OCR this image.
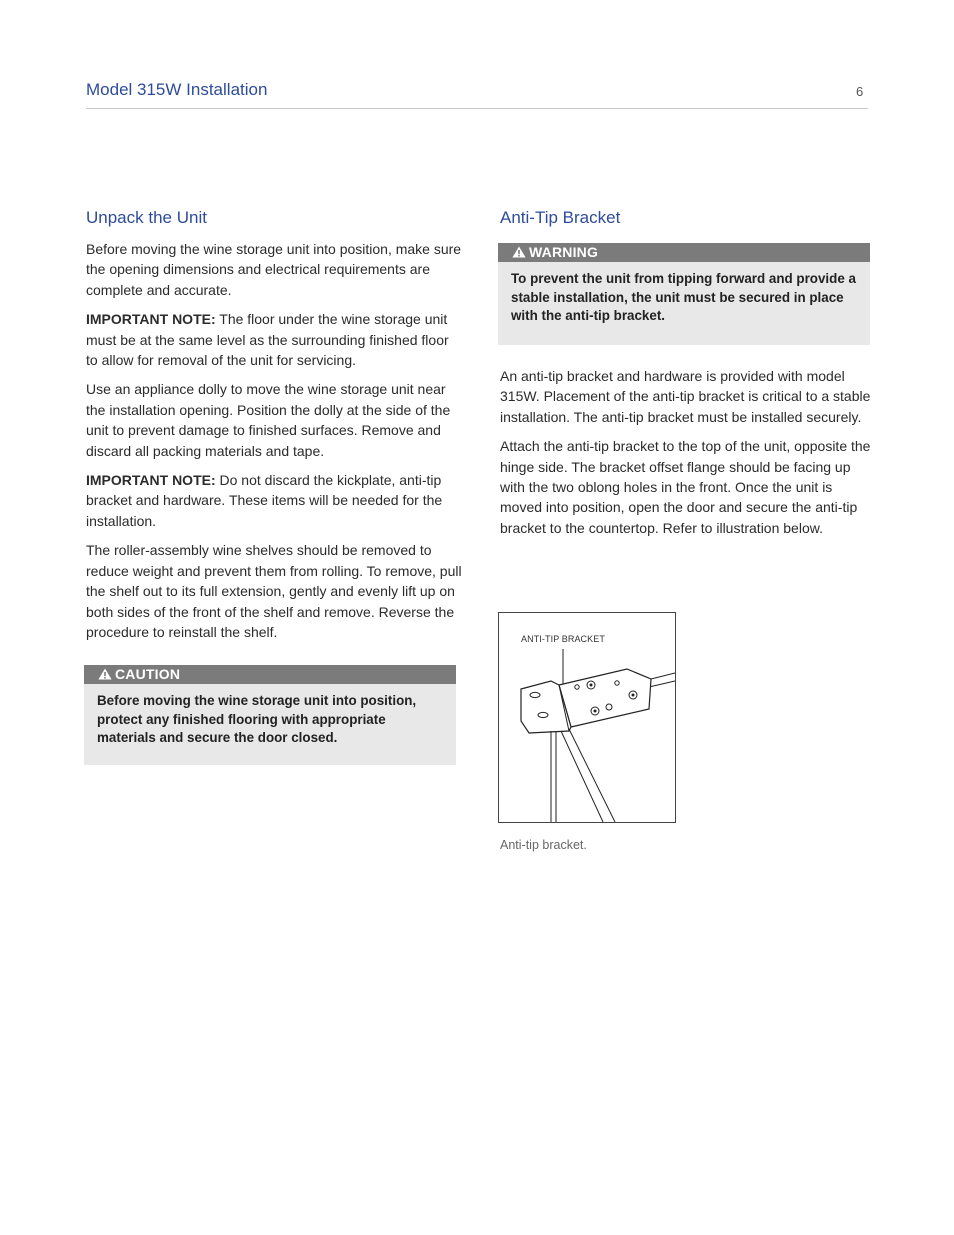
Model 315W Installation	6
Unpack the Unit

Before moving the wine storage unit into position, make sure the opening dimensions and electrical requirements are complete and accurate.

IMPORTANT NOTE: The floor under the wine storage unit must be at the same level as the surrounding finished floor to allow for removal of the unit for servicing.

Use an appliance dolly to move the wine storage unit near the installation opening. Position the dolly at the side of the unit to prevent damage to finished surfaces. Remove and discard all packing materials and tape.

IMPORTANT NOTE: Do not discard the kickplate, anti-tip bracket and hardware. These items will be needed for the installation.

The roller-assembly wine shelves should be removed to reduce weight and prevent them from rolling. To remove, pull the shelf out to its full extension, gently and evenly lift up on both sides of the front of the shelf and remove. Reverse the procedure to reinstall the shelf.

CAUTION
Before moving the wine storage unit into position, protect any finished flooring with appropriate materials and secure the door closed.
Anti-Tip Bracket
WARNING
To prevent the unit from tipping forward and provide a stable installation, the unit must be secured in place with the anti-tip bracket.

An anti-tip bracket and hardware is provided with model 315W. Placement of the anti-tip bracket is critical to a stable installation. The anti-tip bracket must be installed securely.

Attach the anti-tip bracket to the top of the unit, opposite the hinge side. The bracket offset flange should be facing up with the two oblong holes in the front. Once the unit is moved into position, open the door and secure the anti-tip bracket to the countertop. Refer to illustration below.

ANTI-TIP BRACKET
Anti-tip bracket.
